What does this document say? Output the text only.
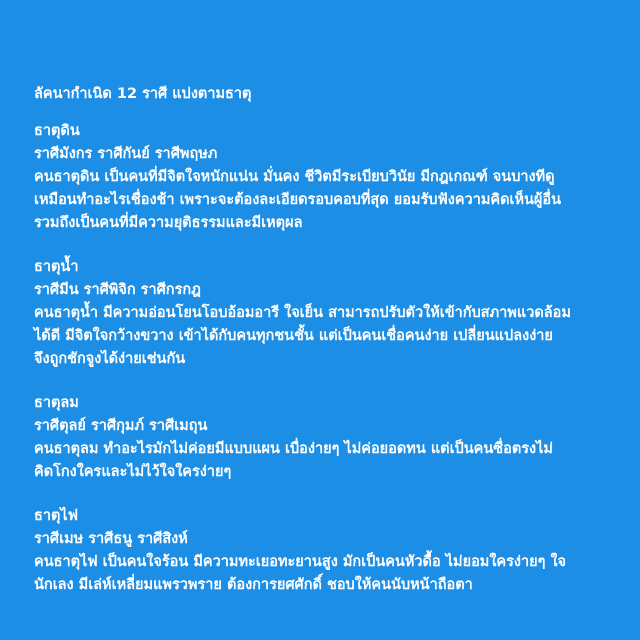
ลัคนากำเนิด 12 ราศี แบ่งตามธาตุ
ธาตุดิน
ราศีมังกร ราศีกันย์ ราศีพฤษภ
คนธาตุดิน เป็นคนที่มีจิตใจหนักแน่น มั่นคง ชีวิตมีระเบียบวินัย มีกฎเกณฑ์ จนบางทีดู
เหมือนทำอะไรเชื่องช้า เพราะจะต้องละเอียดรอบคอบที่สุด ยอมรับฟังความคิดเห็นผู้อื่น
รวมถึงเป็นคนที่มีความยุติธรรมและมีเหตุผล
ธาตุน้ำ
ราศีมีน ราศีพิจิก ราศีกรกฎ
คนธาตุน้ำ มีความอ่อนโยนโอบอ้อมอารี ใจเย็น สามารถปรับตัวให้เข้ากับสภาพแวดล้อม
ได้ดี มีจิตใจกว้างขวาง เข้าได้กับคนทุกชนชั้น แต่เป็นคนเชื่อคนง่าย เปลี่ยนแปลงง่าย
จึงถูกชักจูงได้ง่ายเช่นกัน
ธาตุลม
ราศีตุลย์ ราศีกุมภ์ ราศีเมถุน
คนธาตุลม ทำอะไรมักไม่ค่อยมีแบบแผน เบื่อง่ายๆ ไม่ค่อยอดทน แต่เป็นคนซื่อตรงไม่
คิดโกงใครและไม่ไว้ใจใครง่ายๆ
ธาตุไฟ
ราศีเมษ ราศีธนู ราศีสิงห์
คนธาตุไฟ เป็นคนใจร้อน มีความทะเยอทะยานสูง มักเป็นคนหัวดื้อ ไม่ยอมใครง่ายๆ ใจ
นักเลง มีเล่ห์เหลี่ยมแพรวพราย ต้องการยศศักดิ์ ชอบให้คนนับหน้าถือตา
